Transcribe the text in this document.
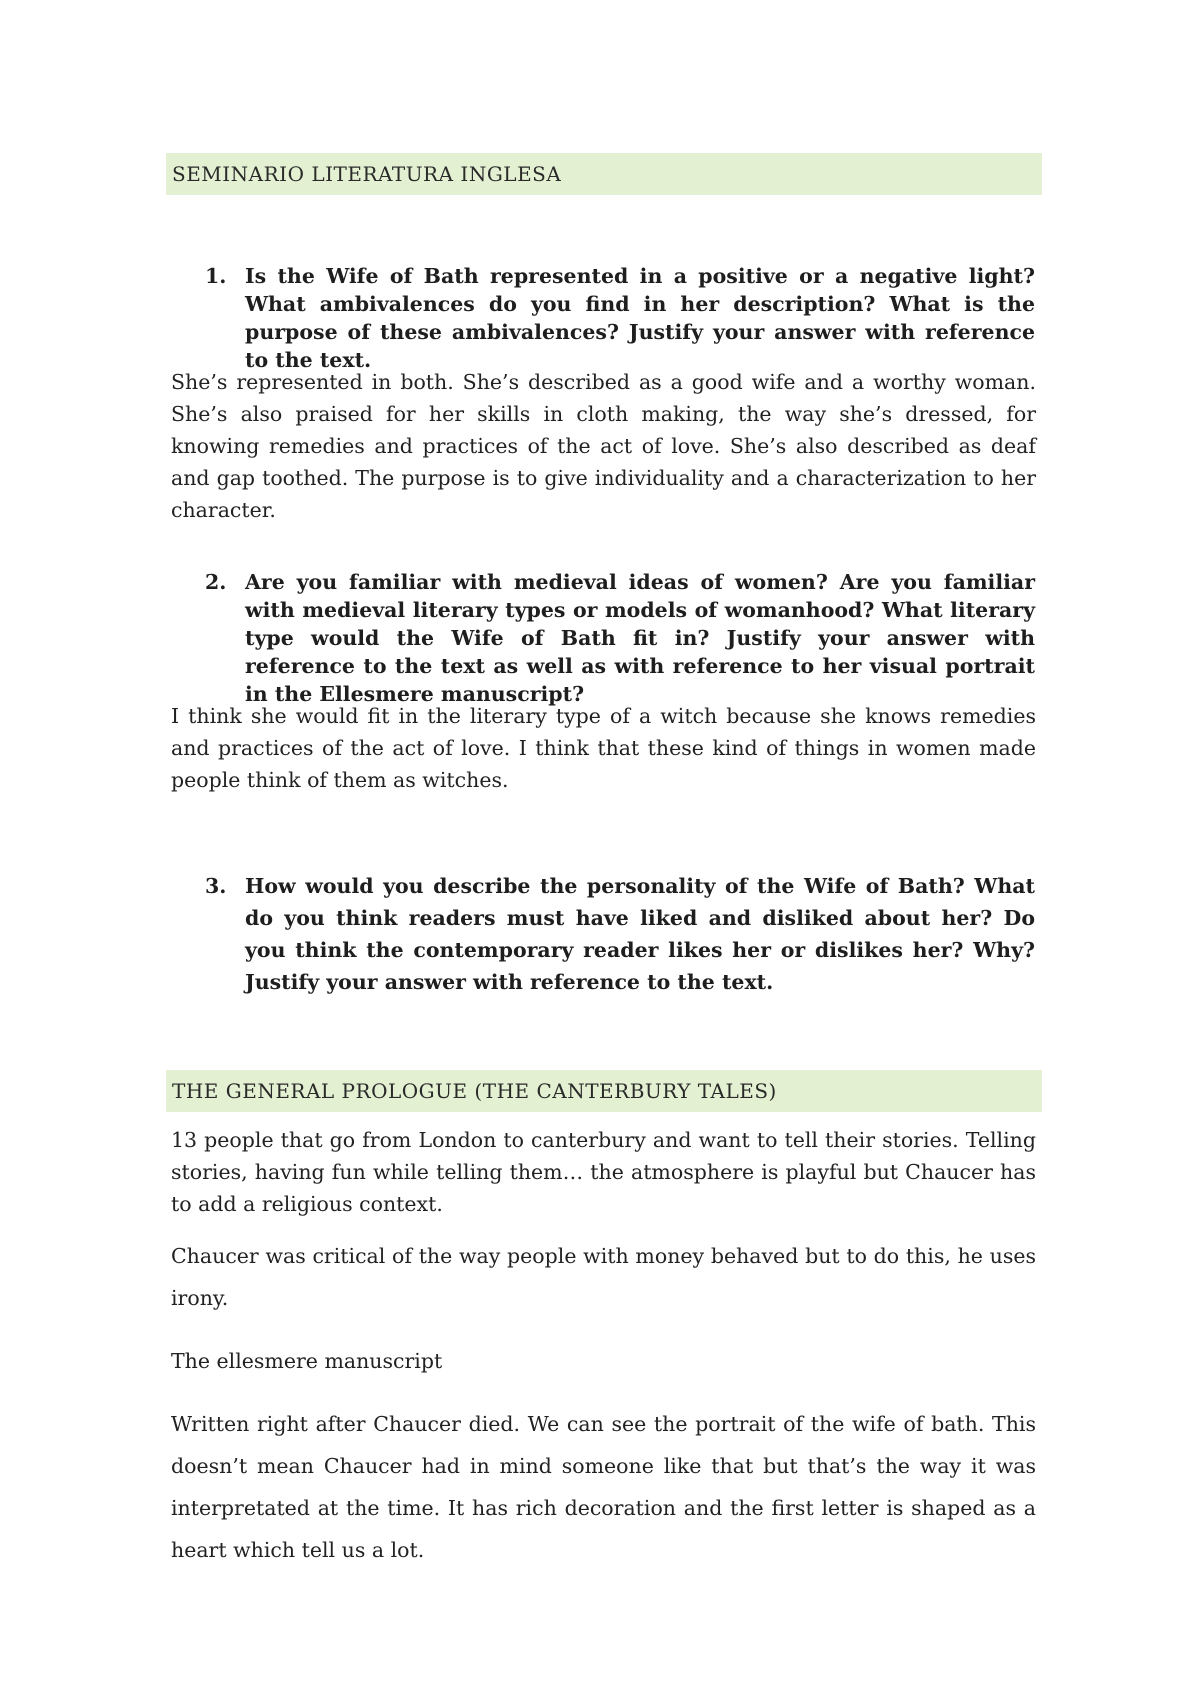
SEMINARIO LITERATURA INGLESA
1. Is the Wife of Bath represented in a positive or a negative light? What ambivalences do you find in her description? What is the purpose of these ambivalences? Justify your answer with reference to the text.
She’s represented in both. She’s described as a good wife and a worthy woman. She’s also praised for her skills in cloth making, the way she’s dressed, for knowing remedies and practices of the act of love. She’s also described as deaf and gap toothed. The purpose is to give individuality and a characterization to her character.
2. Are you familiar with medieval ideas of women? Are you familiar with medieval literary types or models of womanhood? What literary type would the Wife of Bath fit in? Justify your answer with reference to the text as well as with reference to her visual portrait in the Ellesmere manuscript?
I think she would fit in the literary type of a witch because she knows remedies and practices of the act of love. I think that these kind of things in women made people think of them as witches.
3. How would you describe the personality of the Wife of Bath? What do you think readers must have liked and disliked about her? Do you think the contemporary reader likes her or dislikes her? Why? Justify your answer with reference to the text.
THE GENERAL PROLOGUE (THE CANTERBURY TALES)
13 people that go from London to canterbury and want to tell their stories. Telling stories, having fun while telling them… the atmosphere is playful but Chaucer has to add a religious context.
Chaucer was critical of the way people with money behaved but to do this, he uses irony.
The ellesmere manuscript
Written right after Chaucer died. We can see the portrait of the wife of bath. This doesn’t mean Chaucer had in mind someone like that but that’s the way it was interpretated at the time. It has rich decoration and the first letter is shaped as a heart which tell us a lot.
